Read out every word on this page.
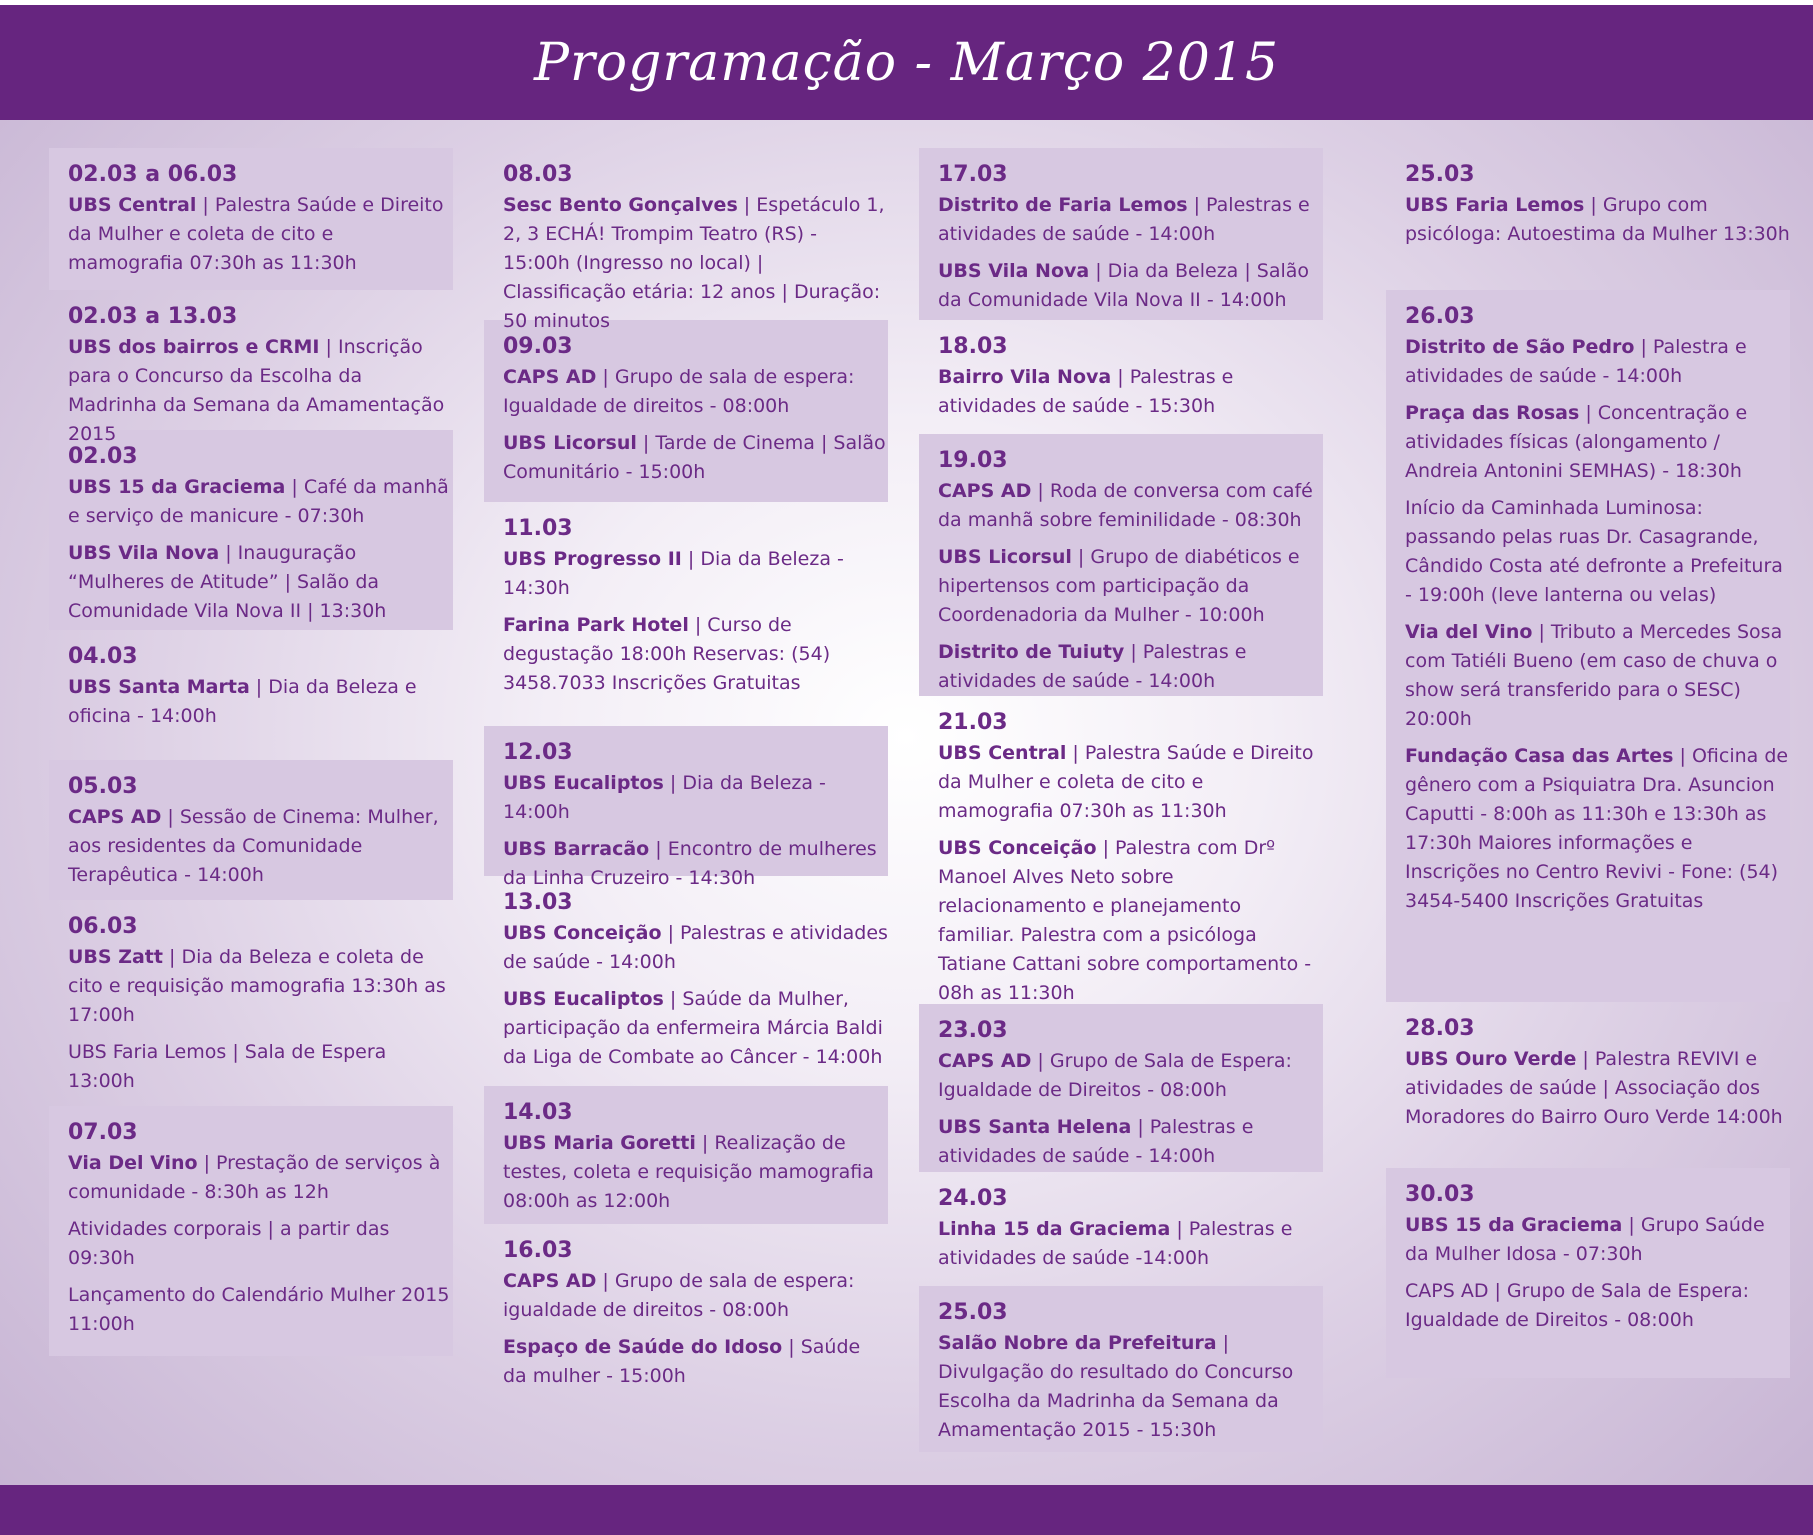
Programação - Março 2015
02.03 a 06.03
UBS Central | Palestra Saúde e Direito da Mulher e coleta de cito e mamografia 07:30h as 11:30h
02.03 a 13.03
UBS dos bairros e CRMI | Inscrição para o Concurso da Escolha da Madrinha da Semana da Amamentação 2015
02.03
UBS 15 da Graciema | Café da manhã e serviço de manicure - 07:30h
UBS Vila Nova | Inauguração “Mulheres de Atitude” | Salão da Comunidade Vila Nova II | 13:30h
04.03
UBS Santa Marta | Dia da Beleza e oficina - 14:00h
05.03
CAPS AD | Sessão de Cinema: Mulher, aos residentes da Comunidade Terapêutica - 14:00h
06.03
UBS Zatt | Dia da Beleza e coleta de cito e requisição mamografia 13:30h as 17:00h
UBS Faria Lemos | Sala de Espera 13:00h
07.03
Via Del Vino | Prestação de serviços à comunidade - 8:30h as 12h
Atividades corporais | a partir das 09:30h
Lançamento do Calendário Mulher 2015 11:00h
08.03
Sesc Bento Gonçalves | Espetáculo 1, 2, 3 ECHÁ! Trompim Teatro (RS) - 15:00h (Ingresso no local) | Classificação etária: 12 anos | Duração: 50 minutos
09.03
CAPS AD | Grupo de sala de espera: Igualdade de direitos - 08:00h
UBS Licorsul | Tarde de Cinema | Salão Comunitário - 15:00h
11.03
UBS Progresso II | Dia da Beleza - 14:30h
Farina Park Hotel | Curso de degustação 18:00h Reservas: (54) 3458.7033 Inscrições Gratuitas
12.03
UBS Eucaliptos | Dia da Beleza - 14:00h
UBS Barracão | Encontro de mulheres da Linha Cruzeiro - 14:30h
13.03
UBS Conceição | Palestras e atividades de saúde - 14:00h
UBS Eucaliptos | Saúde da Mulher, participação da enfermeira Márcia Baldi da Liga de Combate ao Câncer - 14:00h
14.03
UBS Maria Goretti | Realização de testes, coleta e requisição mamografia 08:00h as 12:00h
16.03
CAPS AD | Grupo de sala de espera: igualdade de direitos - 08:00h
Espaço de Saúde do Idoso | Saúde da mulher - 15:00h
17.03
Distrito de Faria Lemos | Palestras e atividades de saúde - 14:00h
UBS Vila Nova | Dia da Beleza | Salão da Comunidade Vila Nova II - 14:00h
18.03
Bairro Vila Nova | Palestras e atividades de saúde - 15:30h
19.03
CAPS AD | Roda de conversa com café da manhã sobre feminilidade - 08:30h
UBS Licorsul | Grupo de diabéticos e hipertensos com participação da Coordenadoria da Mulher - 10:00h
Distrito de Tuiuty | Palestras e atividades de saúde - 14:00h
21.03
UBS Central | Palestra Saúde e Direito da Mulher e coleta de cito e mamografia 07:30h as 11:30h
UBS Conceição | Palestra com Drº Manoel Alves Neto sobre relacionamento e planejamento familiar. Palestra com a psicóloga Tatiane Cattani sobre comportamento - 08h as 11:30h
23.03
CAPS AD | Grupo de Sala de Espera: Igualdade de Direitos - 08:00h
UBS Santa Helena | Palestras e atividades de saúde - 14:00h
24.03
Linha 15 da Graciema | Palestras e atividades de saúde -14:00h
25.03
Salão Nobre da Prefeitura | Divulgação do resultado do Concurso Escolha da Madrinha da Semana da Amamentação 2015 - 15:30h
25.03
UBS Faria Lemos | Grupo com psicóloga: Autoestima da Mulher 13:30h
26.03
Distrito de São Pedro | Palestra e atividades de saúde - 14:00h
Praça das Rosas | Concentração e atividades físicas (alongamento / Andreia Antonini SEMHAS) - 18:30h
Início da Caminhada Luminosa: passando pelas ruas Dr. Casagrande, Cândido Costa até defronte a Prefeitura - 19:00h (leve lanterna ou velas)
Via del Vino | Tributo a Mercedes Sosa com Tatiéli Bueno (em caso de chuva o show será transferido para o SESC) 20:00h
Fundação Casa das Artes | Oficina de gênero com a Psiquiatra Dra. Asuncion Caputti - 8:00h as 11:30h e 13:30h as 17:30h Maiores informações e Inscrições no Centro Revivi - Fone: (54) 3454-5400 Inscrições Gratuitas
28.03
UBS Ouro Verde | Palestra REVIVI e atividades de saúde | Associação dos Moradores do Bairro Ouro Verde 14:00h
30.03
UBS 15 da Graciema | Grupo Saúde da Mulher Idosa - 07:30h
CAPS AD | Grupo de Sala de Espera: Igualdade de Direitos - 08:00h
